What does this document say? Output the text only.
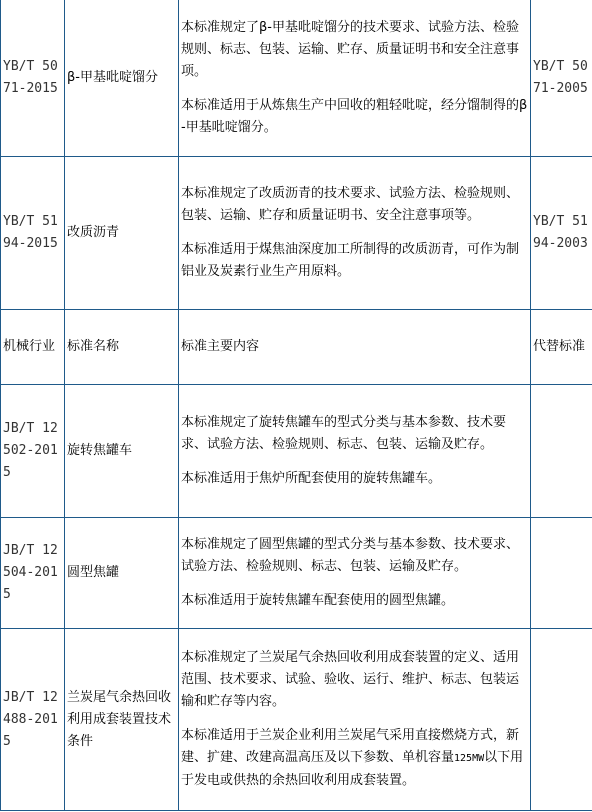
YB/T 5071-2015	β-甲基吡啶馏分	本标准规定了β-甲基吡啶馏分的技术要求、试验方法、检验规则、标志、包装、运输、贮存、质量证明书和安全注意事项。

本标准适用于从炼焦生产中回收的粗轻吡啶，经分馏制得的β-甲基吡啶馏分。	YB/T 5071-2005
YB/T 5194-2015	改质沥青	本标准规定了改质沥青的技术要求、试验方法、检验规则、包装、运输、贮存和质量证明书、安全注意事项等。

本标准适用于煤焦油深度加工所制得的改质沥青，可作为制铝业及炭素行业生产用原料。	YB/T 5194-2003
机械行业	标准名称	标准主要内容	代替标准
JB/T 12502-2015	旋转焦罐车	本标准规定了旋转焦罐车的型式分类与基本参数、技术要求、试验方法、检验规则、标志、包装、运输及贮存。

本标准适用于焦炉所配套使用的旋转焦罐车。	

JB/T 12504-2015	圆型焦罐	本标准规定了圆型焦罐的型式分类与基本参数、技术要求、试验方法、检验规则、标志、包装、运输及贮存。

本标准适用于旋转焦罐车配套使用的圆型焦罐。	

JB/T 12488-2015	兰炭尾气余热回收利用成套装置技术条件	本标准规定了兰炭尾气余热回收利用成套装置的定义、适用范围、技术要求、试验、验收、运行、维护、标志、包装运输和贮存等内容。

本标准适用于兰炭企业利用兰炭尾气采用直接燃烧方式，新建、扩建、改建高温高压及以下参数、单机容量125MW以下用于发电或供热的余热回收利用成套装置。	
